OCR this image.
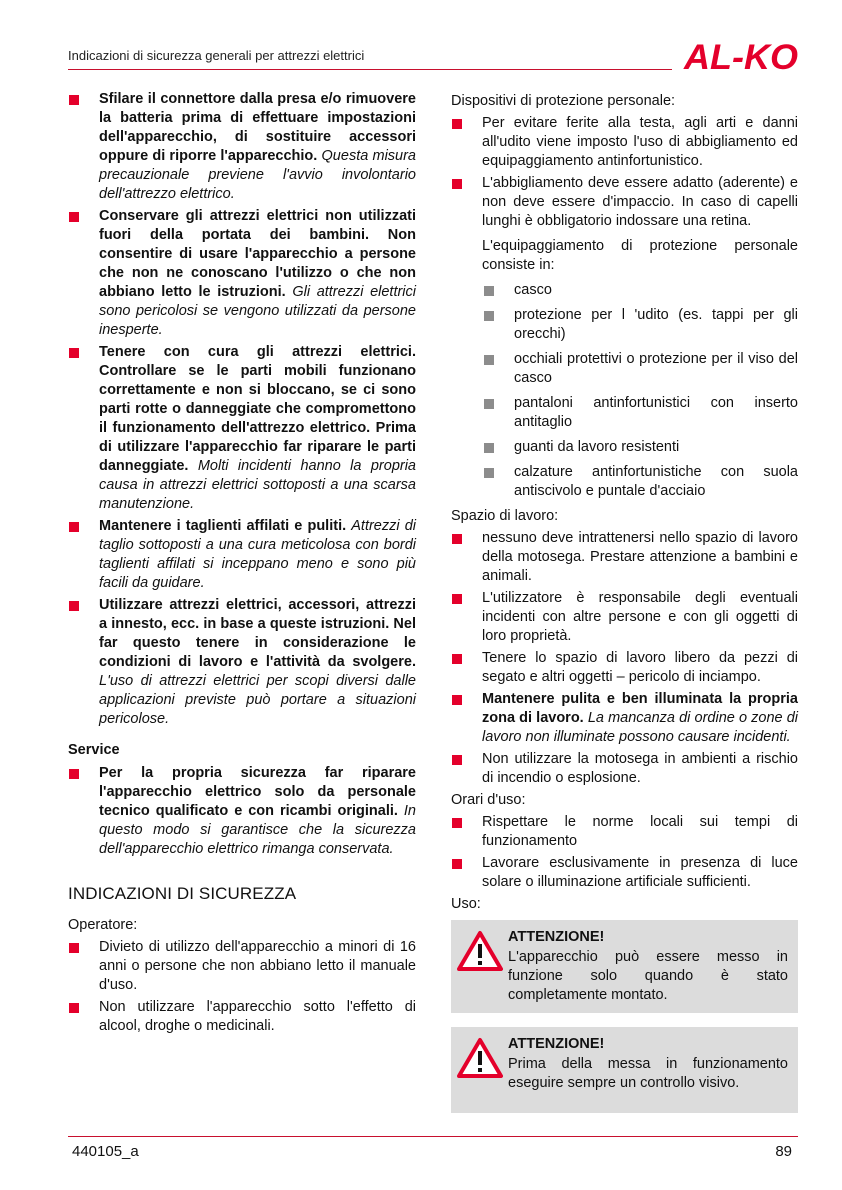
Indicazioni di sicurezza generali per attrezzi elettrici	AL-KO
Sfilare il connettore dalla presa e/o rimuovere la batteria prima di effettuare impostazioni dell'apparecchio, di sostituire accessori oppure di riporre l'apparecchio. Questa misura precauzionale previene l'avvio involontario dell'attrezzo elettrico.
Conservare gli attrezzi elettrici non utilizzati fuori della portata dei bambini. Non consentire di usare l'apparecchio a persone che non ne conoscano l'utilizzo o che non abbiano letto le istruzioni. Gli attrezzi elettrici sono pericolosi se vengono utilizzati da persone inesperte.
Tenere con cura gli attrezzi elettrici. Controllare se le parti mobili funzionano correttamente e non si bloccano, se ci sono parti rotte o danneggiate che compromettono il funzionamento dell'attrezzo elettrico. Prima di utilizzare l'apparecchio far riparare le parti danneggiate. Molti incidenti hanno la propria causa in attrezzi elettrici sottoposti a una scarsa manutenzione.
Mantenere i taglienti affilati e puliti. Attrezzi di taglio sottoposti a una cura meticolosa con bordi taglienti affilati si inceppano meno e sono più facili da guidare.
Utilizzare attrezzi elettrici, accessori, attrezzi a innesto, ecc. in base a queste istruzioni. Nel far questo tenere in considerazione le condizioni di lavoro e l'attività da svolgere. L'uso di attrezzi elettrici per scopi diversi dalle applicazioni previste può portare a situazioni pericolose.
Service
Per la propria sicurezza far riparare l'apparecchio elettrico solo da personale tecnico qualificato e con ricambi originali. In questo modo si garantisce che la sicurezza dell'apparecchio elettrico rimanga conservata.
INDICAZIONI DI SICUREZZA
Operatore:
Divieto di utilizzo dell'apparecchio a minori di 16 anni o persone che non abbiano letto il manuale d'uso.
Non utilizzare l'apparecchio sotto l'effetto di alcool, droghe o medicinali.
Dispositivi di protezione personale:
Per evitare ferite alla testa, agli arti e danni all'udito viene imposto l'uso di abbigliamento ed equipaggiamento antinfortunistico.
L'abbigliamento deve essere adatto (aderente) e non deve essere d'impaccio. In caso di capelli lunghi è obbligatorio indossare una retina.

L'equipaggiamento di protezione personale consiste in:

casco
protezione per l 'udito (es. tappi per gli orecchi)
occhiali protettivi o protezione per il viso del casco
pantaloni antinfortunistici con inserto antitaglio
guanti da lavoro resistenti
calzature antinfortunistiche con suola antiscivolo e puntale d'acciaio
Spazio di lavoro:
nessuno deve intrattenersi nello spazio di lavoro della motosega. Prestare attenzione a bambini e animali.
L'utilizzatore è responsabile degli eventuali incidenti con altre persone e con gli oggetti di loro proprietà.
Tenere lo spazio di lavoro libero da pezzi di segato e altri oggetti – pericolo di inciampo.
Mantenere pulita e ben illuminata la propria zona di lavoro. La mancanza di ordine o zone di lavoro non illuminate possono causare incidenti.
Non utilizzare la motosega in ambienti a rischio di incendio o esplosione.
Orari d'uso:
Rispettare le norme locali sui tempi di funzionamento
Lavorare esclusivamente in presenza di luce solare o illuminazione artificiale sufficienti.
Uso:
ATTENZIONE!
L'apparecchio può essere messo in funzione solo quando è stato completamente montato.
ATTENZIONE!
Prima della messa in funzionamento eseguire sempre un controllo visivo.
440105_a	89
